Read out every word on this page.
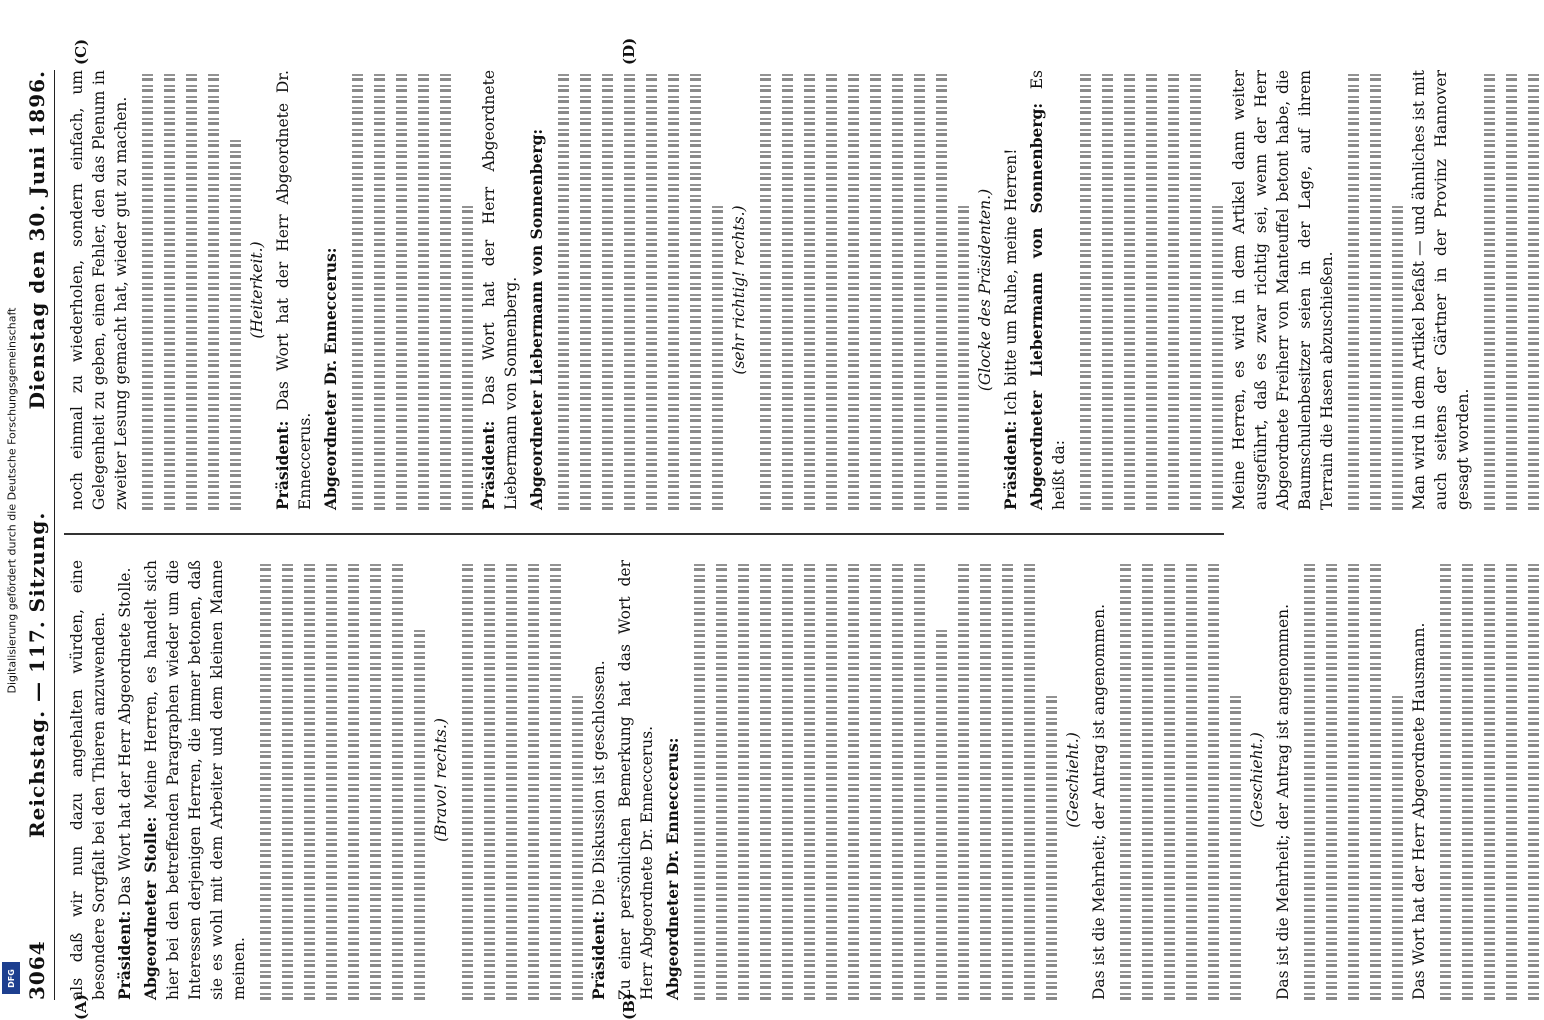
3064
Reichstag. — 117. Sitzung.
Dienstag den 30. Juni 1896.
(A)	(B)
(C)	(D)

als daß wir nun dazu angehalten würden, eine besondere Sorgfalt bei den Thieren anzuwenden. Präsident: Das Wort hat der Herr Abgeordnete Stolle.

Abgeordneter Stolle: Meine Herren, es handelt sich hier bei den betreffenden Paragraphen wieder um die Interessen derjenigen Herren, die immer betonen, daß sie es wohl mit dem Arbeiter und dem kleinen Manne meinen.

(Bravo! rechts.)

Präsident: Die Diskussion ist geschlossen. Zu einer persönlichen Bemerkung hat das Wort der Herr Abgeordnete Dr. Enneccerus. Abgeordneter Dr. Enneccerus:	(Geschieht.) Das ist die Mehrheit; der Antrag ist angenommen.	(Geschieht.) Das ist die Mehrheit; der Antrag ist angenommen.	Das Wort hat der Herr Abgeordnete Hausmann.

noch einmal zu wiederholen, sondern einfach, um Gelegenheit zu geben, einen Fehler, den das Plenum in zweiter Lesung gemacht hat, wieder gut zu machen.	(Heiterkeit.)

Präsident: Das Wort hat der Herr Abgeordnete Dr. Enneccerus. Abgeordneter Dr. Enneccerus:	Präsident: Das Wort hat der Herr Abgeordnete Liebermann von Sonnenberg. Abgeordneter Liebermann von Sonnenberg:	(sehr richtig! rechts.)	(Glocke des Präsidenten.)

Präsident: Ich bitte um Ruhe, meine Herren! Abgeordneter Liebermann von Sonnenberg: Es heißt da:	Meine Herren, es wird in dem Artikel dann weiter ausgeführt, daß es zwar richtig sei, wenn der Herr Abgeordnete Freiherr von Manteuffel betont habe, die Baumschulenbesitzer seien in der Lage, auf ihrem Terrain die Hasen abzuschießen.	Man wird in dem Artikel befaßt — und ähnliches ist mit auch seitens der Gärtner in der Provinz Hannover gesagt worden.

Digitalisierung gefördert durch die Deutsche Forschungsgemeinschaft
DFG
